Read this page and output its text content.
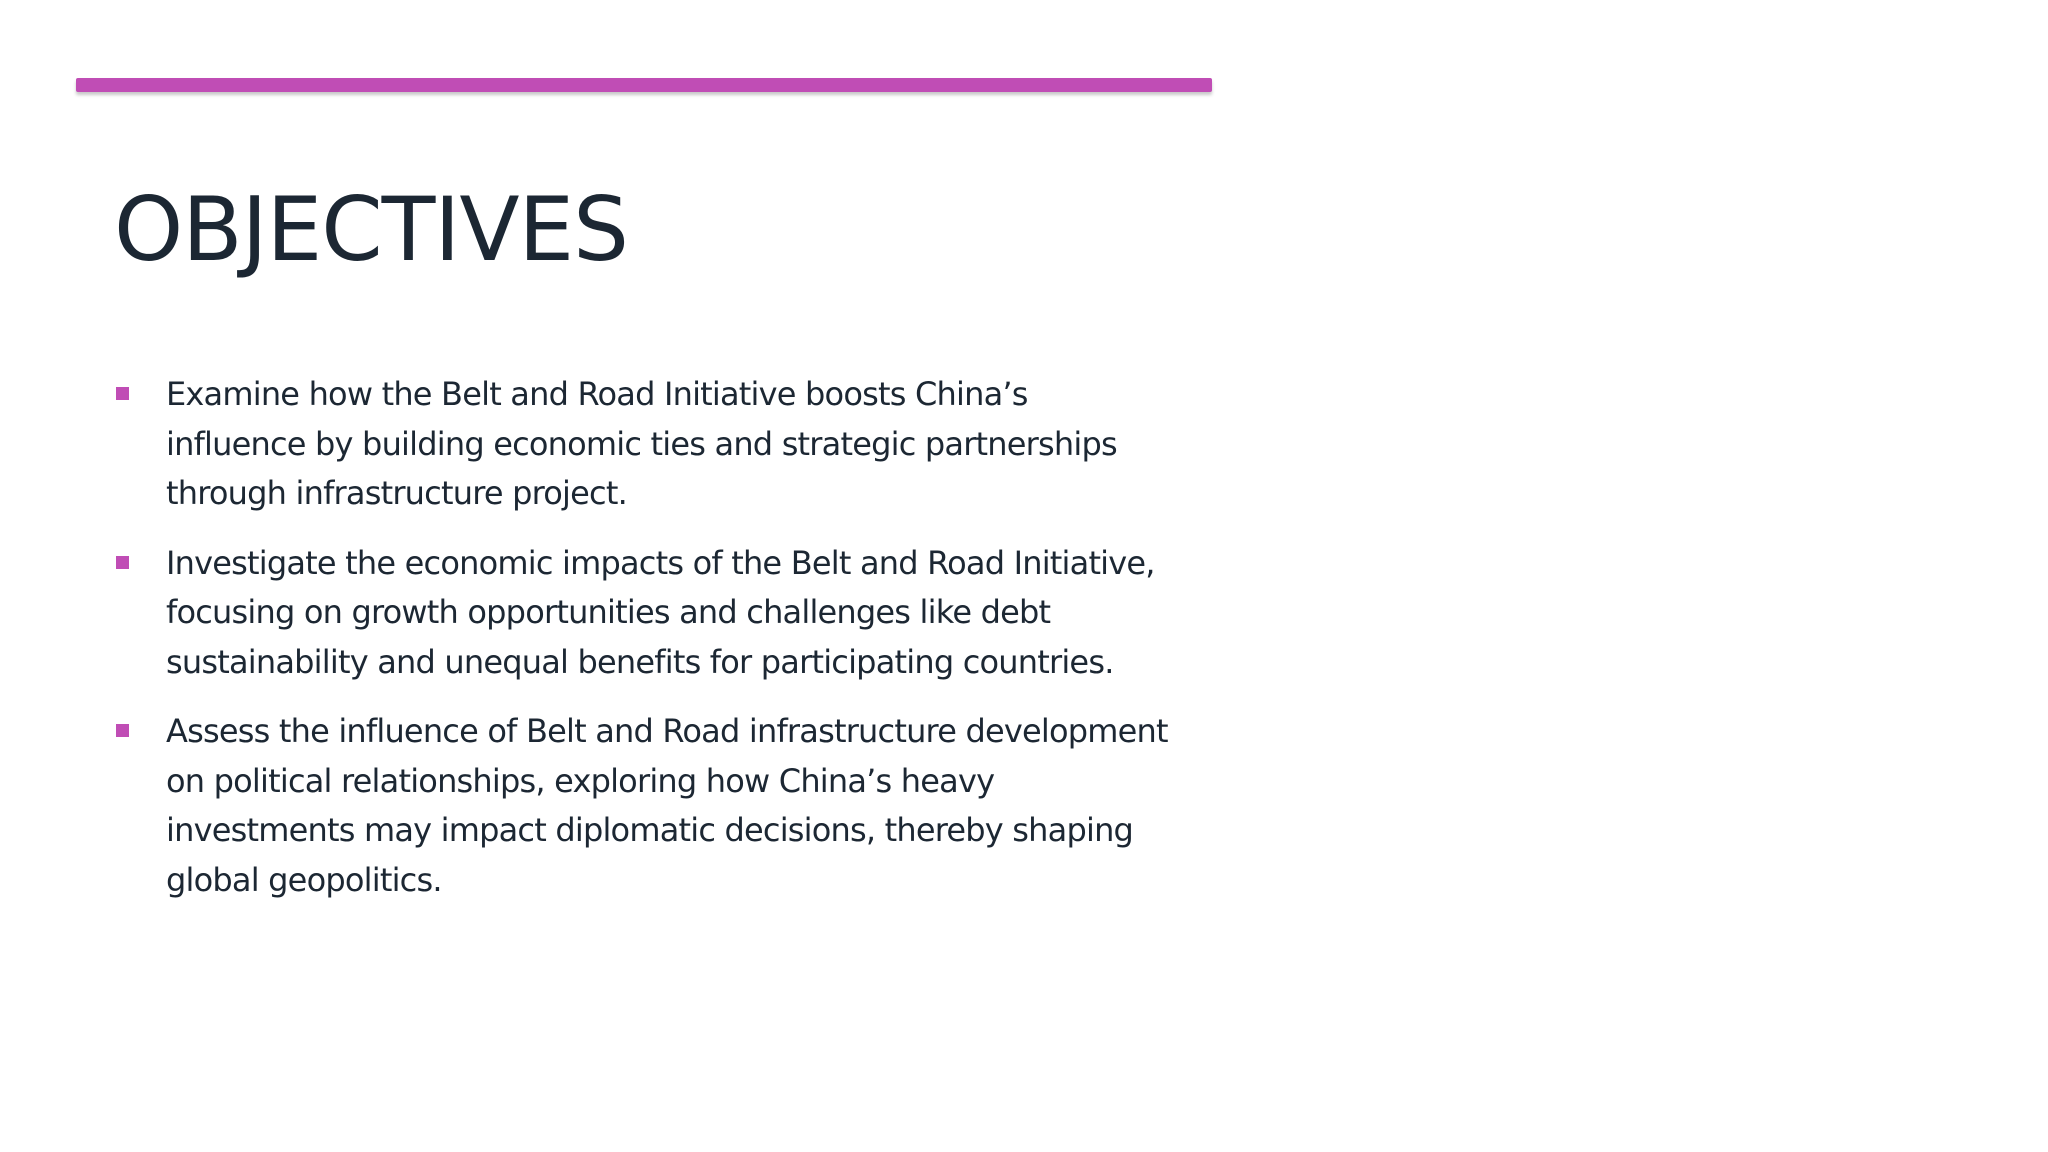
OBJECTIVES
Examine how the Belt and Road Initiative boosts China’s influence by building economic ties and strategic partnerships through infrastructure project.
Investigate the economic impacts of the Belt and Road Initiative, focusing on growth opportunities and challenges like debt sustainability and unequal benefits for participating countries.
Assess the influence of Belt and Road infrastructure development on political relationships, exploring how China’s heavy investments may impact diplomatic decisions, thereby shaping global geopolitics.
